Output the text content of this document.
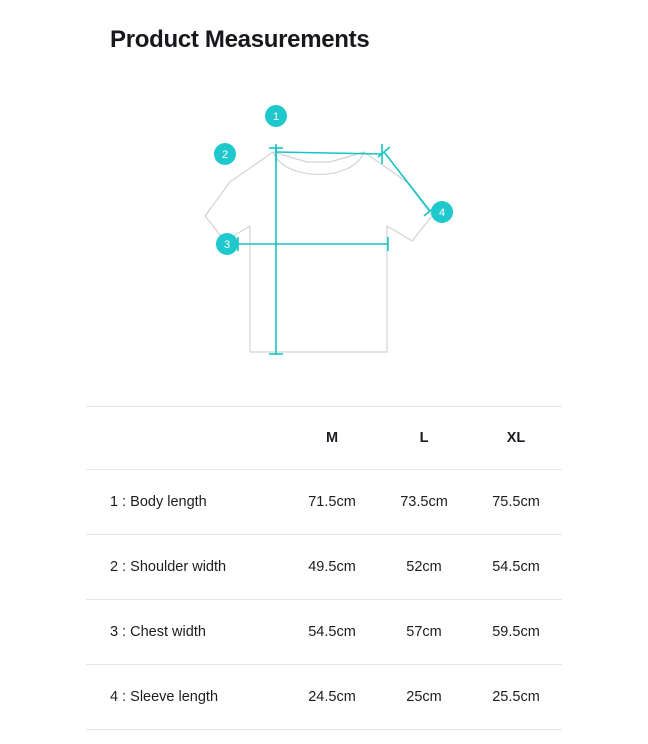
Product Measurements
1
2
3
4
	M	L	XL
1 : Body length	71.5cm	73.5cm	75.5cm
2 : Shoulder width	49.5cm	52cm	54.5cm
3 : Chest width	54.5cm	57cm	59.5cm
4 : Sleeve length	24.5cm	25cm	25.5cm
